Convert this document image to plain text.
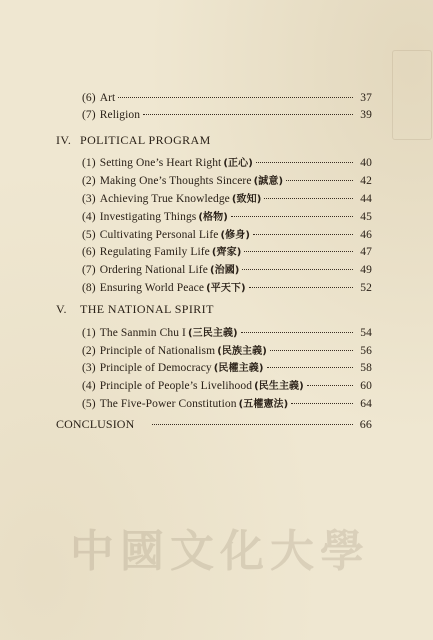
(6) Art	37
(7) Religion	39
IV. POLITICAL PROGRAM
(1) Setting One’s Heart Right (正心)	40
(2) Making One’s Thoughts Sincere (誠意)	42
(3) Achieving True Knowledge (致知)	44
(4) Investigating Things (格物)	45
(5) Cultivating Personal Life (修身)	46
(6) Regulating Family Life (齊家)	47
(7) Ordering National Life (治國)	49
(8) Ensuring World Peace (平天下)	52
V. THE NATIONAL SPIRIT
(1) The Sanmin Chu I (三民主義)	54
(2) Principle of Nationalism (民族主義)	56
(3) Principle of Democracy (民權主義)	58
(4) Principle of People’s Livelihood (民生主義)	60
(5) The Five-Power Constitution (五權憲法)	64
CONCLUSION	66
中國文化大學
